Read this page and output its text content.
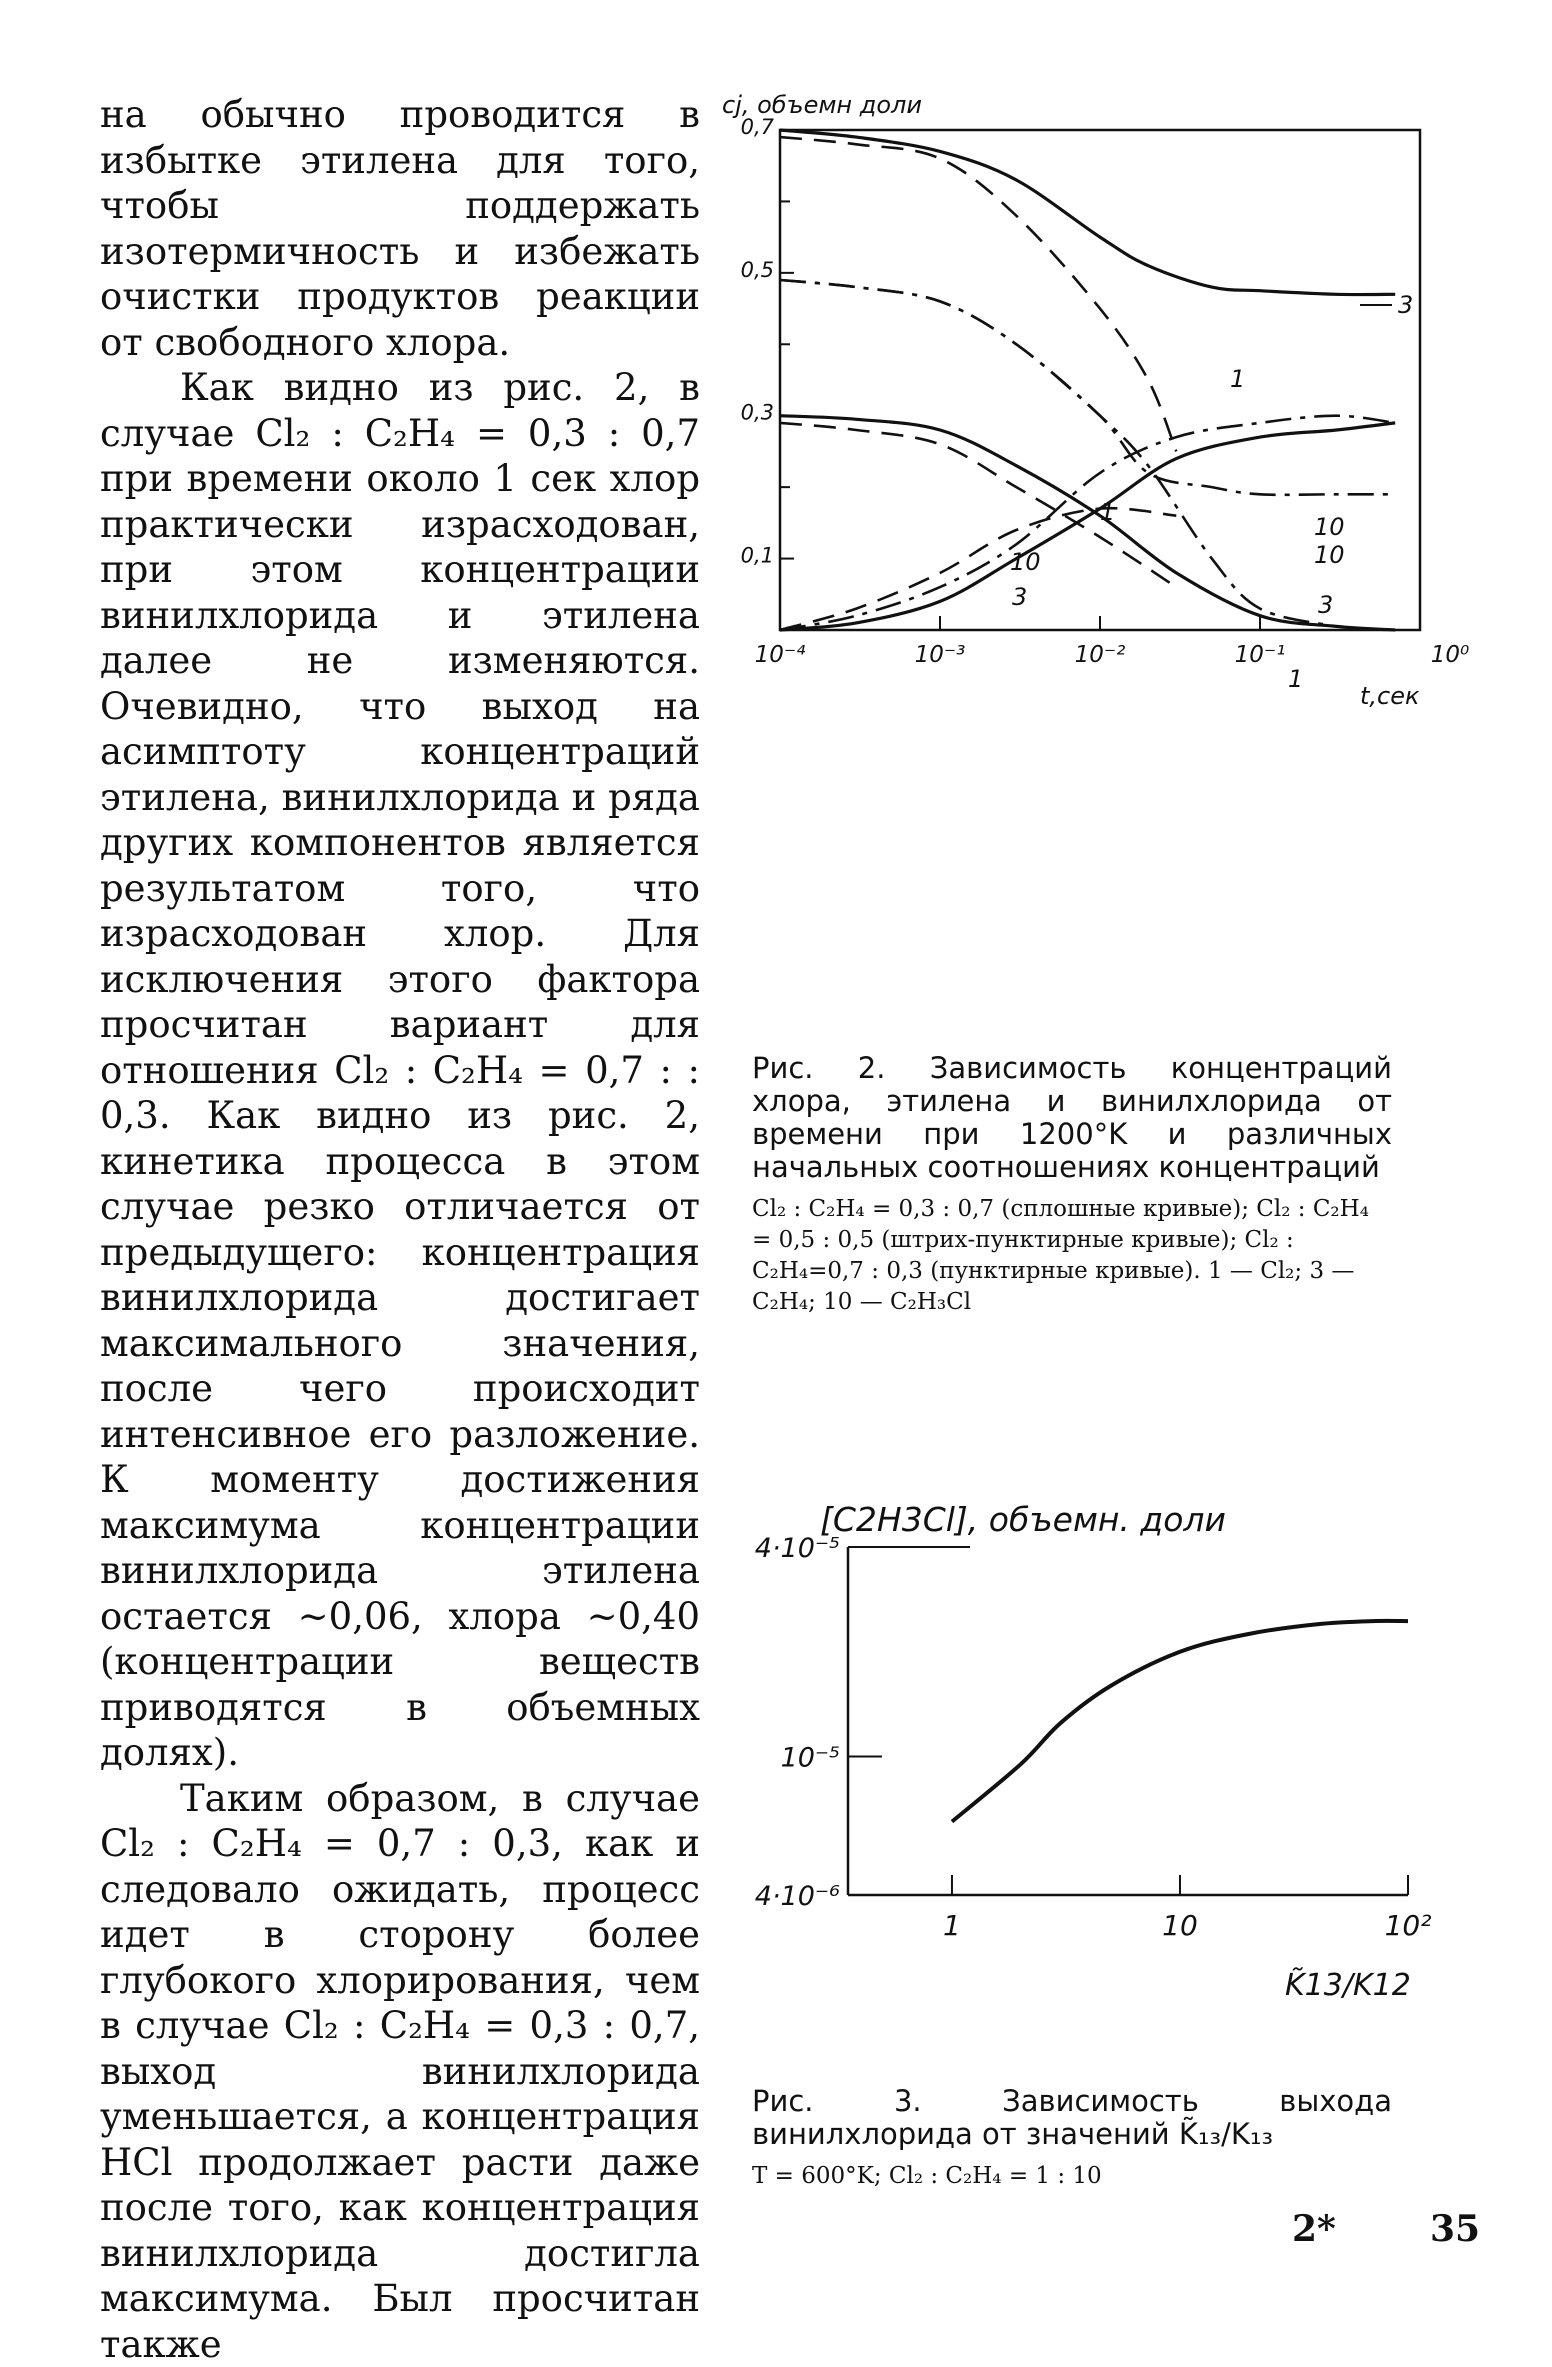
на обычно проводится в избытке этилена для того, чтобы поддержать изотермичность и избежать очистки продуктов реакции от свободного хлора.

Как видно из рис. 2, в случае Cl₂ : C₂H₄ = 0,3 : 0,7 при времени около 1 сек хлор практически израсходован, при этом концентрации винилхлорида и этилена далее не изменяются. Очевидно, что выход на асимптоту концентраций этилена, винилхлорида и ряда других компонентов является результатом того, что израсходован хлор. Для исключения этого фактора просчитан вариант для отношения Cl₂ : C₂H₄ = 0,7 : : 0,3. Как видно из рис. 2, кинетика процесса в этом случае резко отличается от предыдущего: концентрация винилхлорида достигает максимального значения, после чего происходит интенсивное его разложение. К моменту достижения максимума концентрации винилхлорида этилена остается ~0,06, хлора ~0,40 (концентрации веществ приводятся в объемных долях).

Таким образом, в случае Cl₂ : C₂H₄ = 0,7 : 0,3, как и следовало ожидать, процесс идет в сторону более глубокого хлорирования, чем в случае Cl₂ : C₂H₄ = 0,3 : 0,7, выход винилхлорида уменьшается, а концентрация HCl продолжает расти даже после того, как концентрация винилхлорида достигла максимума. Был просчитан также

0,1
0,3
0,5
0,7
10⁻⁴	10⁻³	10⁻²	10⁻¹	10⁰
cj, объемн доли
t,сек
3
1
1
3
10
10
3
10
1

Рис. 2. Зависимость концентраций хлора, этилена и винилхлорида от времени при 1200°K и различных начальных соотношениях концентраций

Cl₂ : C₂H₄ = 0,3 : 0,7 (сплошные кривые); Cl₂ : C₂H₄ = 0,5 : 0,5 (штрих-пунктирные кривые); Cl₂ : C₂H₄=0,7 : 0,3 (пунктирные кривые). 1 — Cl₂; 3 — C₂H₄; 10 — C₂H₃Cl

4·10⁻⁶
10⁻⁵
4·10⁻⁵
1	10	10²
[C2H3Cl], объемн. доли
K̃13/K12

Рис. 3. Зависимость выхода винилхлорида от значений K̃₁₃/K₁₃

T = 600°K; Cl₂ : C₂H₄ = 1 : 10

2*	35
